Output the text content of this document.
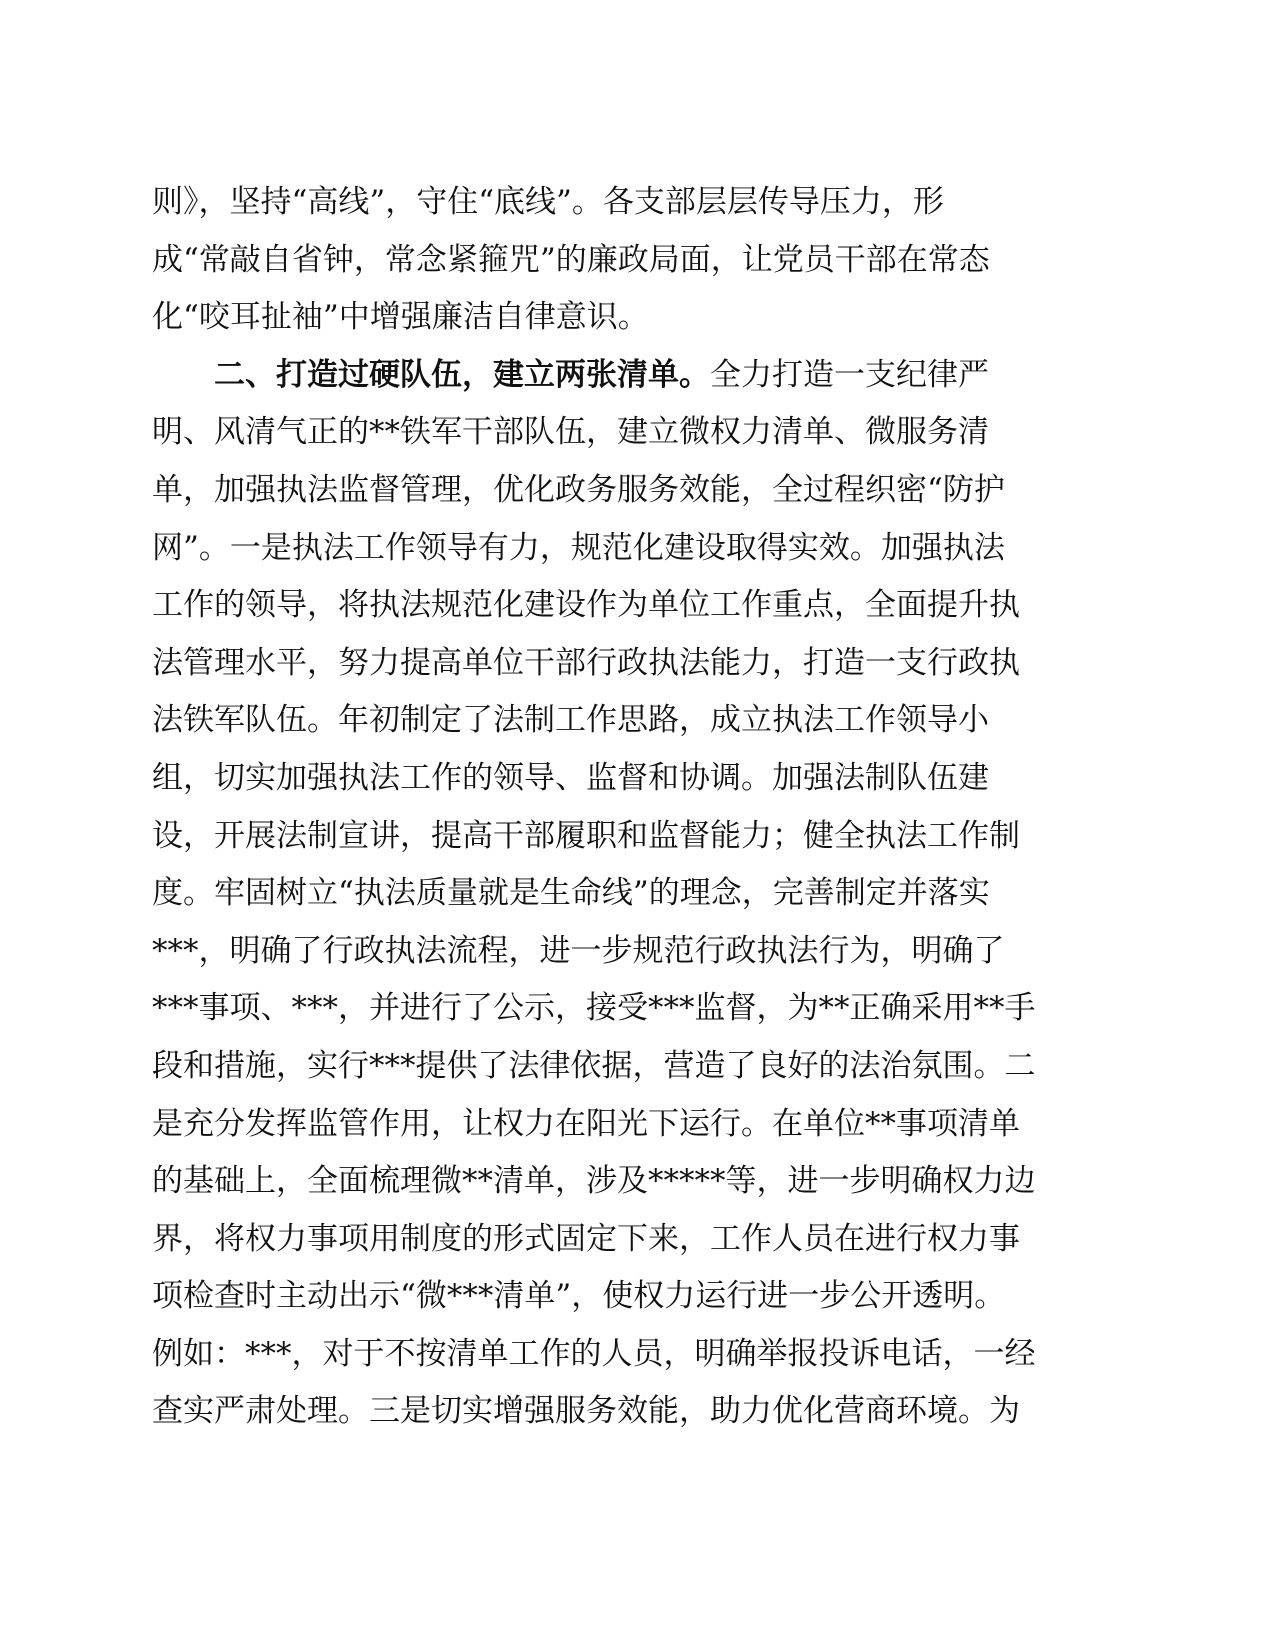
则》，坚持“高线”，守住“底线”。各支部层层传导压力，形
成“常敲自省钟，常念紧箍咒”的廉政局面，让党员干部在常态
化“咬耳扯袖”中增强廉洁自律意识。
二、打造过硬队伍，建立两张清单。全力打造一支纪律严
明、风清气正的**铁军干部队伍，建立微权力清单、微服务清
单，加强执法监督管理，优化政务服务效能，全过程织密“防护
网”。一是执法工作领导有力，规范化建设取得实效。加强执法
工作的领导，将执法规范化建设作为单位工作重点，全面提升执
法管理水平，努力提高单位干部行政执法能力，打造一支行政执
法铁军队伍。年初制定了法制工作思路，成立执法工作领导小
组，切实加强执法工作的领导、监督和协调。加强法制队伍建
设，开展法制宣讲，提高干部履职和监督能力；健全执法工作制
度。牢固树立“执法质量就是生命线”的理念，完善制定并落实
***，明确了行政执法流程，进一步规范行政执法行为，明确了
***事项、***，并进行了公示，接受***监督，为**正确采用**手
段和措施，实行***提供了法律依据，营造了良好的法治氛围。二
是充分发挥监管作用，让权力在阳光下运行。在单位**事项清单
的基础上，全面梳理微**清单，涉及*****等，进一步明确权力边
界，将权力事项用制度的形式固定下来，工作人员在进行权力事
项检查时主动出示“微***清单”，使权力运行进一步公开透明。
例如：***，对于不按清单工作的人员，明确举报投诉电话，一经
查实严肃处理。三是切实增强服务效能，助力优化营商环境。为
